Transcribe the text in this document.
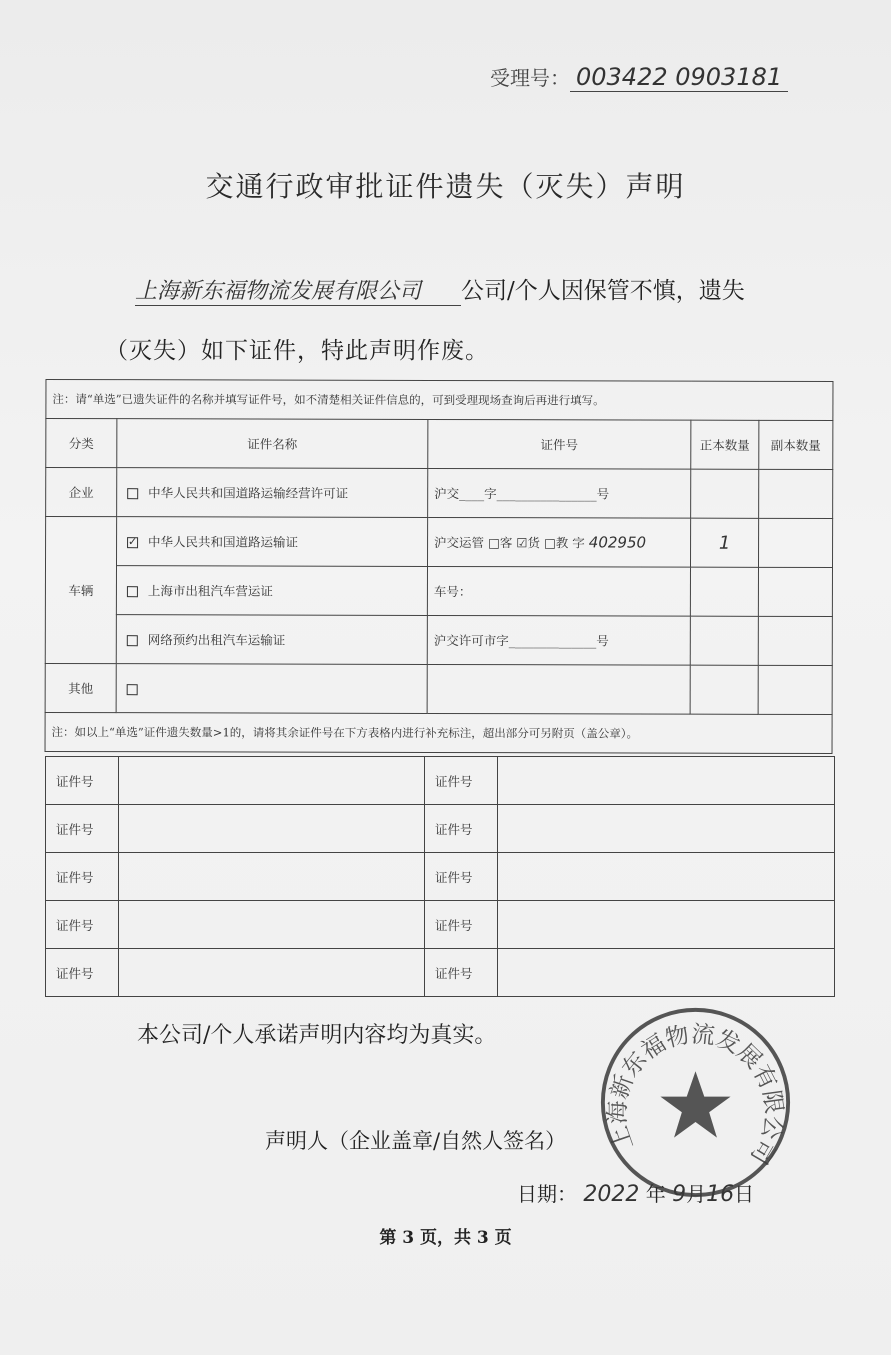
受理号： 003422 0903181
交通行政审批证件遗失（灭失）声明
上海新东福物流发展有限公司 公司/个人因保管不慎，遗失
（灭失）如下证件，特此声明作废。
注：请“单选”已遗失证件的名称并填写证件号，如不清楚相关证件信息的，可到受理现场查询后再进行填写。				
分类	证件名称	证件号	正本数量	副本数量
企业	中华人民共和国道路运输经营许可证	沪交____字________________号		
车辆	✓ 中华人民共和国道路运输证	沪交运管 □客 ☑货 □教 字 402950	1	
	上海市出租汽车营运证	车号：		
	网络预约出租汽车运输证	沪交许可市字______________号		
其他				
注：如以上“单选”证件遗失数量>1的，请将其余证件号在下方表格内进行补充标注，超出部分可另附页（盖公章）。				
证件号		证件号	
证件号		证件号	
证件号		证件号	
证件号		证件号	
证件号		证件号	
本公司/个人承诺声明内容均为真实。
声明人（企业盖章/自然人签名）
日期： 2022 年 9月16日
第 3 页，共 3 页
上海新东福物流发展有限公司
